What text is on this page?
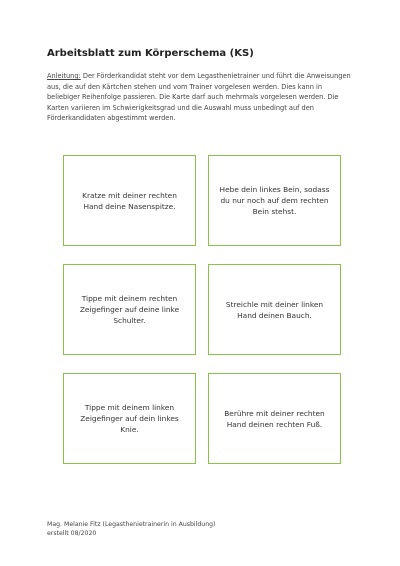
Arbeitsblatt zum Körperschema (KS)
Anleitung: Der Förderkandidat steht vor dem Legasthenietrainer und führt die Anweisungen aus, die auf den Kärtchen stehen und vom Trainer vorgelesen werden. Dies kann in beliebiger Reihenfolge passieren. Die Karte darf auch mehrmals vorgelesen werden. Die Karten variieren im Schwierigkeitsgrad und die Auswahl muss unbedingt auf den Förderkandidaten abgestimmt werden.
Kratze mit deiner rechten Hand deine Nasenspitze.
Hebe dein linkes Bein, sodass du nur noch auf dem rechten Bein stehst.
Tippe mit deinem rechten Zeigefinger auf deine linke Schulter.
Streichle mit deiner linken Hand deinen Bauch.
Tippe mit deinem linken Zeigefinger auf dein linkes Knie.
Berühre mit deiner rechten Hand deinen rechten Fuß.
Mag. Melanie Fitz (Legasthenietrainerin in Ausbildung)
erstellt 08/2020
